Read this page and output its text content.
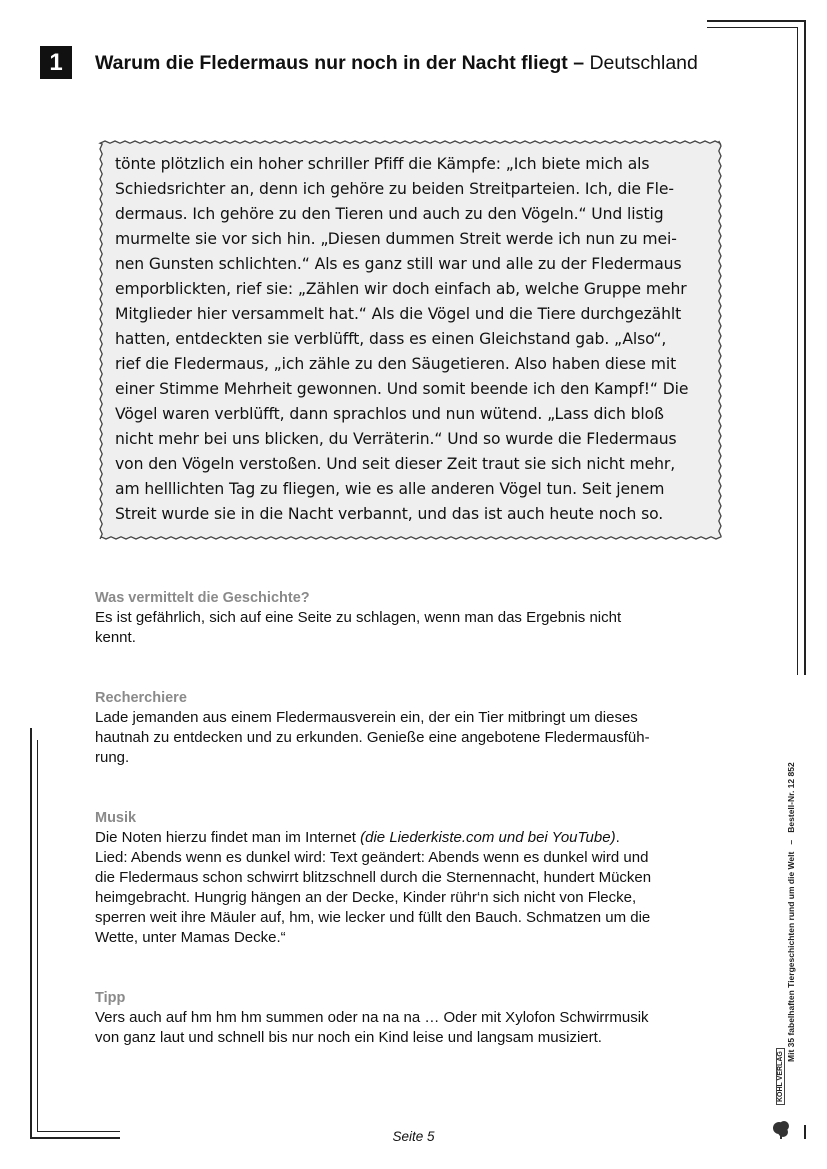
1 Warum die Fledermaus nur noch in der Nacht fliegt – Deutschland
tönte plötzlich ein hoher schriller Pfiff die Kämpfe: „Ich biete mich als
Schiedsrichter an, denn ich gehöre zu beiden Streitparteien. Ich, die Fle-
dermaus. Ich gehöre zu den Tieren und auch zu den Vögeln.“ Und listig
murmelte sie vor sich hin. „Diesen dummen Streit werde ich nun zu mei-
nen Gunsten schlichten.“ Als es ganz still war und alle zu der Fledermaus
emporblickten, rief sie: „Zählen wir doch einfach ab, welche Gruppe mehr
Mitglieder hier versammelt hat.“ Als die Vögel und die Tiere durchgezählt
hatten, entdeckten sie verblüfft, dass es einen Gleichstand gab. „Also“,
rief die Fledermaus, „ich zähle zu den Säugetieren. Also haben diese mit
einer Stimme Mehrheit gewonnen. Und somit beende ich den Kampf!“ Die
Vögel waren verblüfft, dann sprachlos und nun wütend. „Lass dich bloß
nicht mehr bei uns blicken, du Verräterin.“ Und so wurde die Fledermaus
von den Vögeln verstoßen. Und seit dieser Zeit traut sie sich nicht mehr,
am helllichten Tag zu fliegen, wie es alle anderen Vögel tun. Seit jenem
Streit wurde sie in die Nacht verbannt, und das ist auch heute noch so.
Was vermittelt die Geschichte?

Es ist gefährlich, sich auf eine Seite zu schlagen, wenn man das Ergebnis nicht
kennt.

Recherchiere

Lade jemanden aus einem Fledermausverein ein, der ein Tier mitbringt um dieses
hautnah zu entdecken und zu erkunden. Genieße eine angebotene Fledermausfüh-
rung.

Musik

Die Noten hierzu findet man im Internet (die Liederkiste.com und bei YouTube).
Lied: Abends wenn es dunkel wird: Text geändert: Abends wenn es dunkel wird und
die Fledermaus schon schwirrt blitzschnell durch die Sternennacht, hundert Mücken
heimgebracht. Hungrig hängen an der Decke, Kinder rühr‘n sich nicht von Flecke,
sperren weit ihre Mäuler auf, hm, wie lecker und füllt den Bauch. Schmatzen um die
Wette, unter Mamas Decke.“

Tipp

Vers auch auf hm hm hm summen oder na na na … Oder mit Xylofon Schwirrmusik
von ganz laut und schnell bis nur noch ein Kind leise und langsam musiziert.	Mit 35 fabelhaften Tiergeschichten rund um die Welt   –   Bestell-Nr. 12 852
KOHL VERLAG
Seite 5
